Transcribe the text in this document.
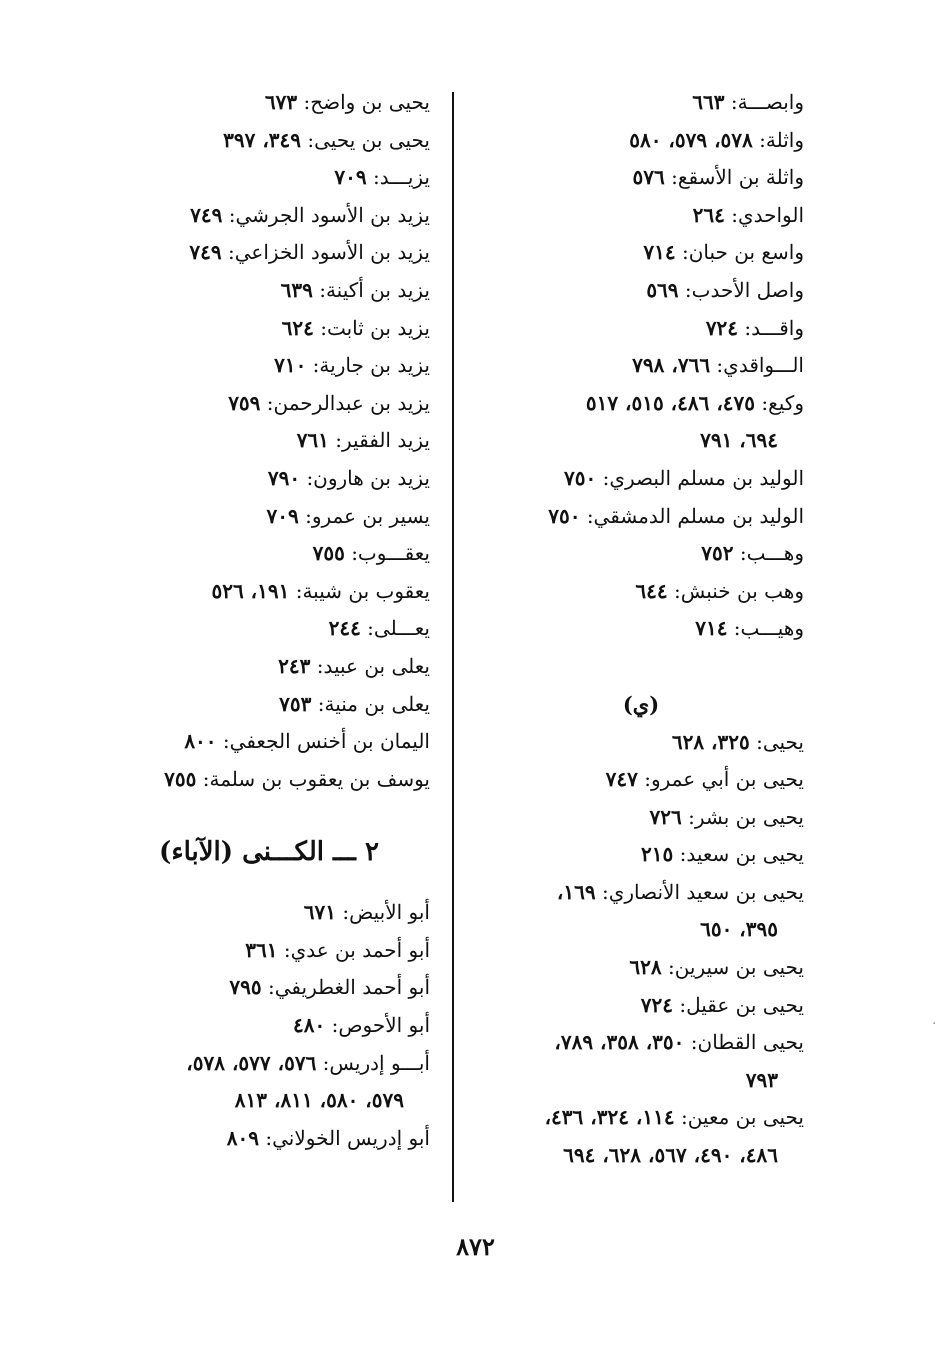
وابصـــة: ٦٦٣
واثلة: ٥٧٨، ٥٧٩، ٥٨٠
واثلة بن الأسقع: ٥٧٦
الواحدي: ٢٦٤
واسع بن حبان: ٧١٤
واصل الأحدب: ٥٦٩
واقـــد: ٧٢٤
الـــواقدي: ٧٦٦، ٧٩٨
وكيع: ٤٧٥، ٤٨٦، ٥١٥، ٥١٧
٦٩٤، ٧٩١
الوليد بن مسلم البصري: ٧٥٠
الوليد بن مسلم الدمشقي: ٧٥٠
وهـــب: ٧٥٢
وهب بن خنبش: ٦٤٤
وهيـــب: ٧١٤
(ي)
يحيى: ٣٢٥، ٦٢٨
يحيى بن أبي عمرو: ٧٤٧
يحيى بن بشر: ٧٢٦
يحيى بن سعيد: ٢١٥
يحيى بن سعيد الأنصاري: ١٦٩،
٣٩٥، ٦٥٠
يحيى بن سيرين: ٦٢٨
يحيى بن عقيل: ٧٢٤
يحيى القطان: ٣٥٠، ٣٥٨، ٧٨٩،
٧٩٣
يحيى بن معين: ١١٤، ٣٢٤، ٤٣٦،
٤٨٦، ٤٩٠، ٥٦٧، ٦٢٨، ٦٩٤
يحيى بن واضح: ٦٧٣
يحيى بن يحيى: ٣٤٩، ٣٩٧
يزيـــد: ٧٠٩
يزيد بن الأسود الجرشي: ٧٤٩
يزيد بن الأسود الخزاعي: ٧٤٩
يزيد بن أكينة: ٦٣٩
يزيد بن ثابت: ٦٢٤
يزيد بن جارية: ٧١٠
يزيد بن عبدالرحمن: ٧٥٩
يزيد الفقير: ٧٦١
يزيد بن هارون: ٧٩٠
يسير بن عمرو: ٧٠٩
يعقـــوب: ٧٥٥
يعقوب بن شيبة: ١٩١، ٥٢٦
يعـــلى: ٢٤٤
يعلى بن عبيد: ٢٤٣
يعلى بن منية: ٧٥٣
اليمان بن أخنس الجعفي: ٨٠٠
يوسف بن يعقوب بن سلمة: ٧٥٥
٢ ـــ الكـــنى (الآباء)
أبو الأبيض: ٦٧١
أبو أحمد بن عدي: ٣٦١
أبو أحمد الغطريفي: ٧٩٥
أبو الأحوص: ٤٨٠
أبـــو إدريس: ٥٧٦، ٥٧٧، ٥٧٨،
٥٧٩، ٥٨٠، ٨١١، ٨١٣
أبو إدريس الخولاني: ٨٠٩
٨٧٢
·
